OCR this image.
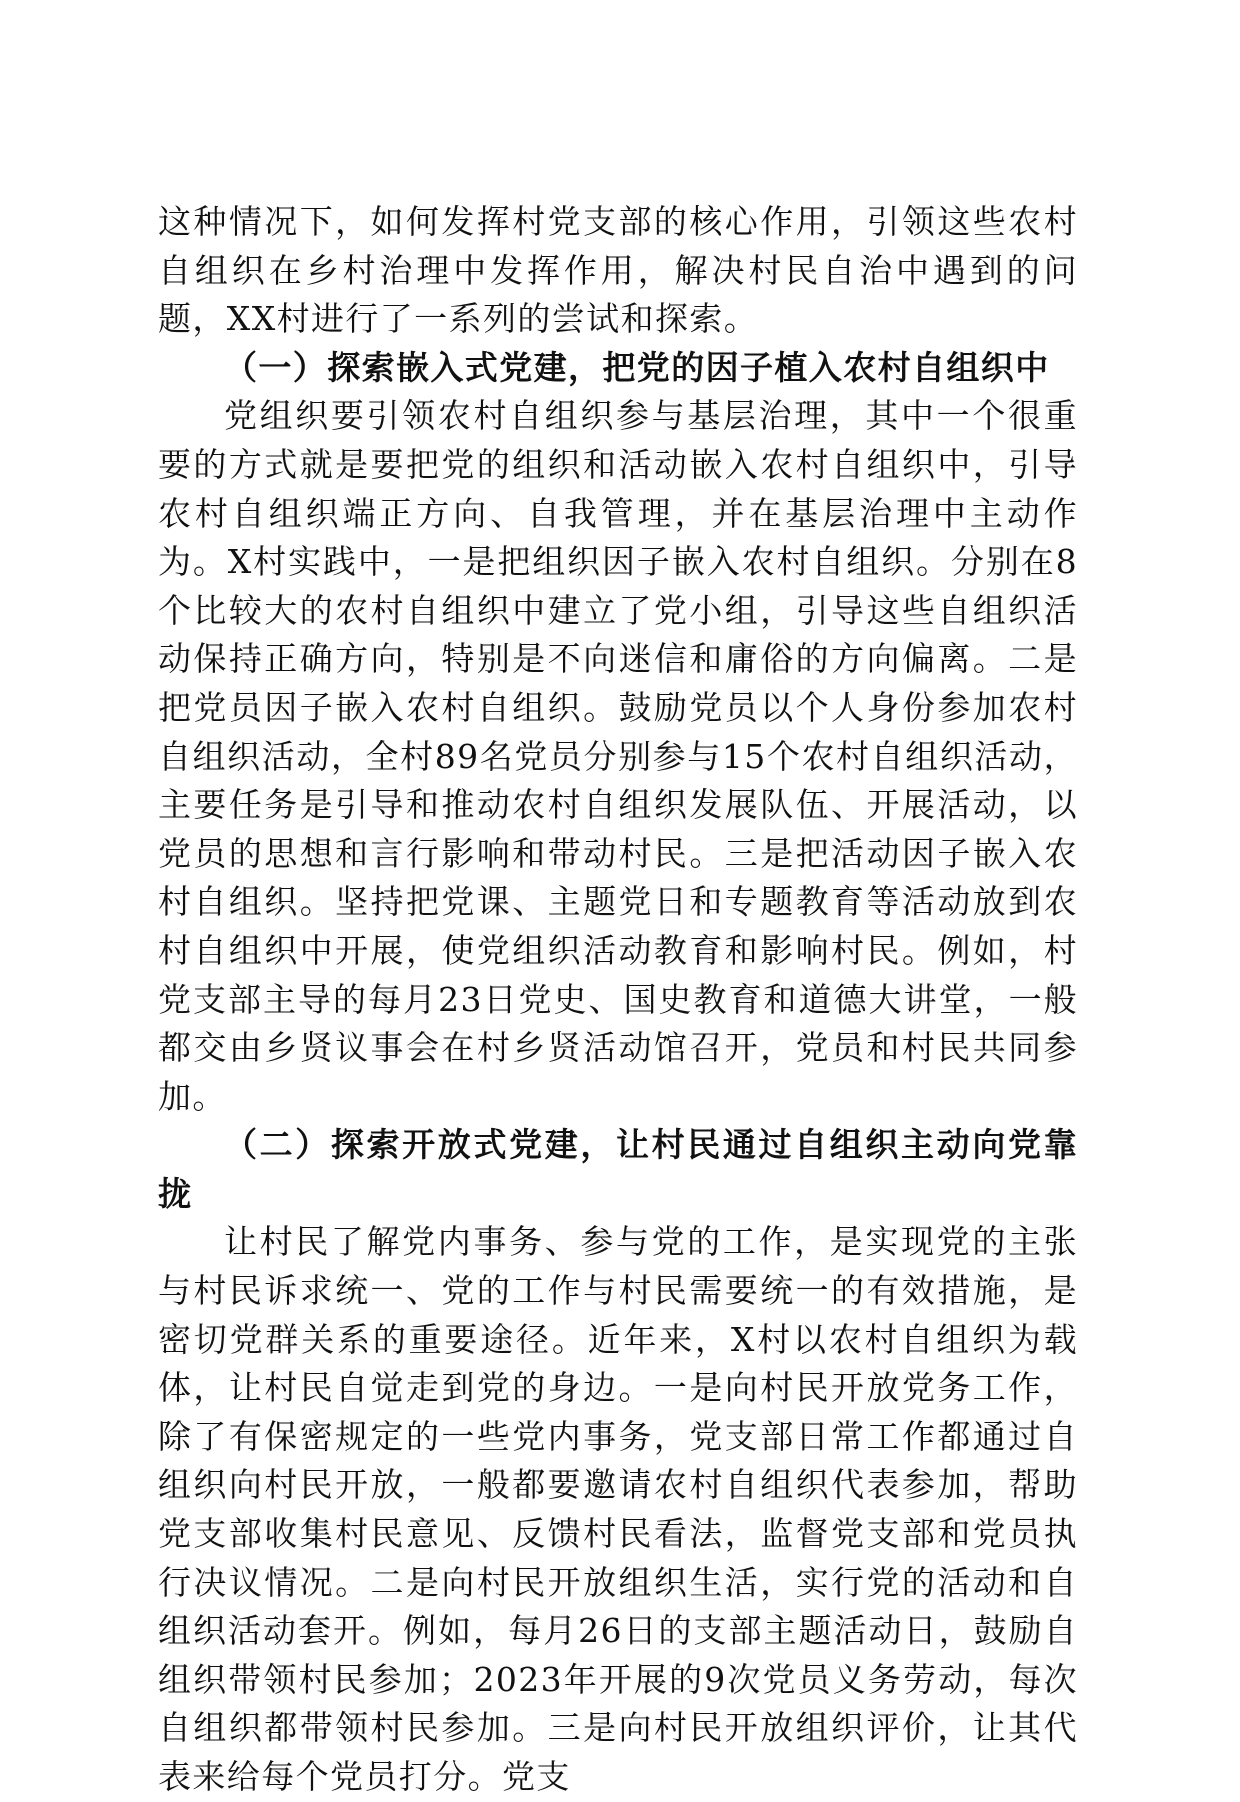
这种情况下，如何发挥村党支部的核心作用，引领这些农村自组织在乡村治理中发挥作用，解决村民自治中遇到的问题，XX村进行了一系列的尝试和探索。

（一）探索嵌入式党建，把党的因子植入农村自组织中

党组织要引领农村自组织参与基层治理，其中一个很重要的方式就是要把党的组织和活动嵌入农村自组织中，引导农村自组织端正方向、自我管理，并在基层治理中主动作为。X村实践中，一是把组织因子嵌入农村自组织。分别在8个比较大的农村自组织中建立了党小组，引导这些自组织活动保持正确方向，特别是不向迷信和庸俗的方向偏离。二是把党员因子嵌入农村自组织。鼓励党员以个人身份参加农村自组织活动，全村89名党员分别参与15个农村自组织活动，主要任务是引导和推动农村自组织发展队伍、开展活动，以党员的思想和言行影响和带动村民。三是把活动因子嵌入农村自组织。坚持把党课、主题党日和专题教育等活动放到农村自组织中开展，使党组织活动教育和影响村民。例如，村党支部主导的每月23日党史、国史教育和道德大讲堂，一般都交由乡贤议事会在村乡贤活动馆召开，党员和村民共同参加。

（二）探索开放式党建，让村民通过自组织主动向党靠拢

让村民了解党内事务、参与党的工作，是实现党的主张与村民诉求统一、党的工作与村民需要统一的有效措施，是密切党群关系的重要途径。近年来，X村以农村自组织为载体，让村民自觉走到党的身边。一是向村民开放党务工作，除了有保密规定的一些党内事务，党支部日常工作都通过自组织向村民开放，一般都要邀请农村自组织代表参加，帮助党支部收集村民意见、反馈村民看法，监督党支部和党员执行决议情况。二是向村民开放组织生活，实行党的活动和自组织活动套开。例如，每月26日的支部主题活动日，鼓励自组织带领村民参加；2023年开展的9次党员义务劳动，每次自组织都带领村民参加。三是向村民开放组织评价，让其代表来给每个党员打分。党支
